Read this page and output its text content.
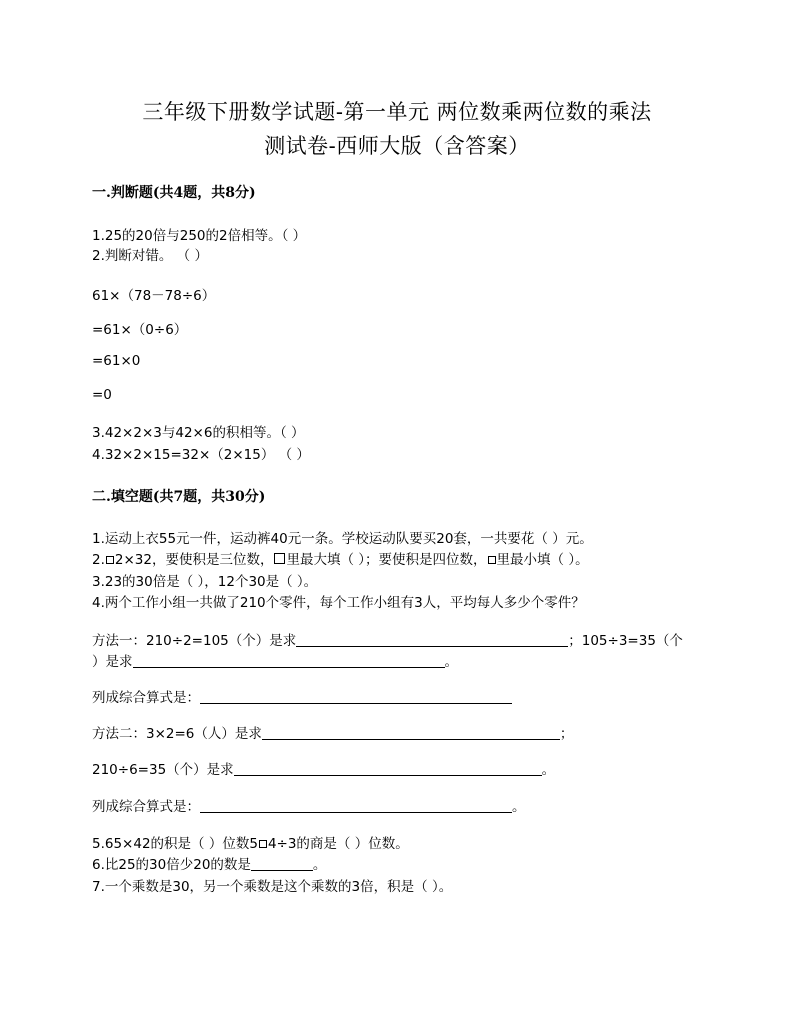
三年级下册数学试题-第一单元 两位数乘两位数的乘法
测试卷-西师大版（含答案）
一.判断题(共4题，共8分)
1.25的20倍与250的2倍相等。（ ）
2.判断对错。 （ ）
61×（78－78÷6）
=61×（0÷6）
=61×0
=0
3.42×2×3与42×6的积相等。（ ）
4.32×2×15=32×（2×15） （ ）
二.填空题(共7题，共30分)
1.运动上衣55元一件，运动裤40元一条。学校运动队要买20套，一共要花（ ）元。
2. 2×32，要使积是三位数， 里最大填（ ）；要使积是四位数， 里最小填（ ）。
3.23的30倍是（ ），12个30是（ ）。
4.两个工作小组一共做了210个零件，每个工作小组有3人，平均每人多少个零件？
方法一：210÷2=105（个）是求	；105÷3=35（个
）是求	。
列成综合算式是：
方法二：3×2=6（人）是求	；
210÷6=35（个）是求	。
列成综合算式是：	。
5.65×42的积是（ ）位数5 4÷3的商是（ ）位数。
6.比25的30倍少20的数是	。
7.一个乘数是30，另一个乘数是这个乘数的3倍，积是（ ）。
